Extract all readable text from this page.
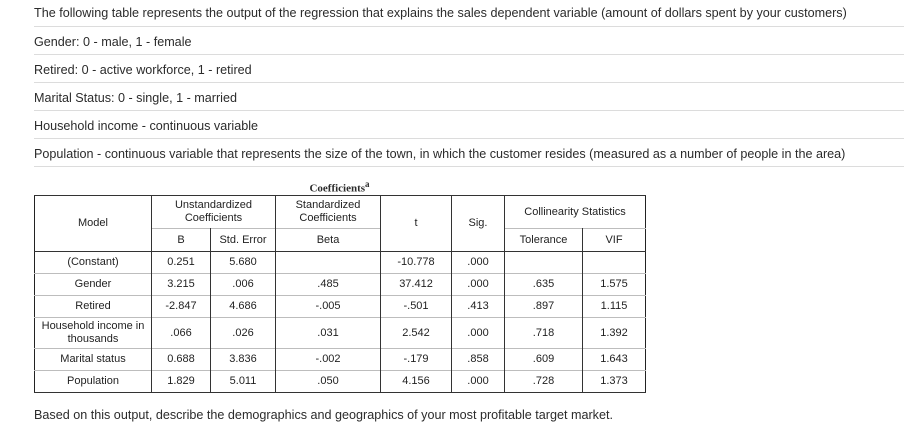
The following table represents the output of the regression that explains the sales dependent variable (amount of dollars spent by your customers)
Gender: 0 - male, 1 - female
Retired: 0 - active workforce, 1 - retired
Marital Status: 0 - single, 1 - married
Household income - continuous variable
Population - continuous variable that represents the size of the town, in which the customer resides (measured as a number of people in the area)
Coefficients$^a$
Model	Unstandardized Coefficients		Standardized Coefficients	t	Sig.	Collinearity Statistics	
	B	Std. Error	Beta			Tolerance	VIF
(Constant)	0.251	5.680		-10.778	.000		
Gender	3.215	.006	.485	37.412	.000	.635	1.575
Retired	-2.847	4.686	-.005	-.501	.413	.897	1.115
Household income in thousands	.066	.026	.031	2.542	.000	.718	1.392
Marital status	0.688	3.836	-.002	-.179	.858	.609	1.643
Population	1.829	5.011	.050	4.156	.000	.728	1.373
Based on this output, describe the demographics and geographics of your most profitable target market.
